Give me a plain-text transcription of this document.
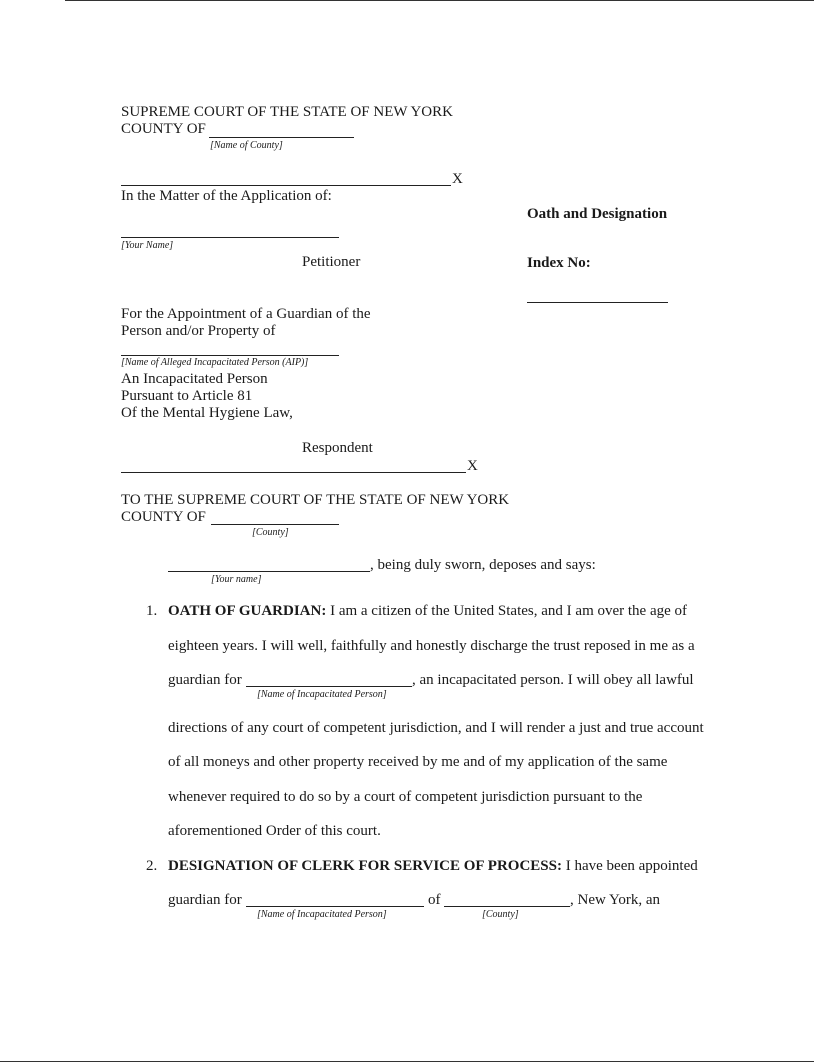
SUPREME COURT OF THE STATE OF NEW YORK
COUNTY OF
[Name of County]
X
In the Matter of the Application of:
[Your Name]
Petitioner
For the Appointment of a Guardian of the
Person and/or Property of
[Name of Alleged Incapacitated Person (AIP)]
An Incapacitated Person
Pursuant to Article 81
Of the Mental Hygiene Law,
Respondent
X
Oath and Designation
Index No:
TO THE SUPREME COURT OF THE STATE OF NEW YORK
COUNTY OF
[County]
, being duly sworn, deposes and says:
[Your name]
1. OATH OF GUARDIAN: I am a citizen of the United States, and I am over the age of
eighteen years. I will well, faithfully and honestly discharge the trust reposed in me as a
guardian for	, an incapacitated person. I will obey all lawful
[Name of Incapacitated Person]
directions of any court of competent jurisdiction, and I will render a just and true account
of all moneys and other property received by me and of my application of the same
whenever required to do so by a court of competent jurisdiction pursuant to the
aforementioned Order of this court.
2. DESIGNATION OF CLERK FOR SERVICE OF PROCESS: I have been appointed
guardian for	of	, New York, an
[Name of Incapacitated Person]	[County]
